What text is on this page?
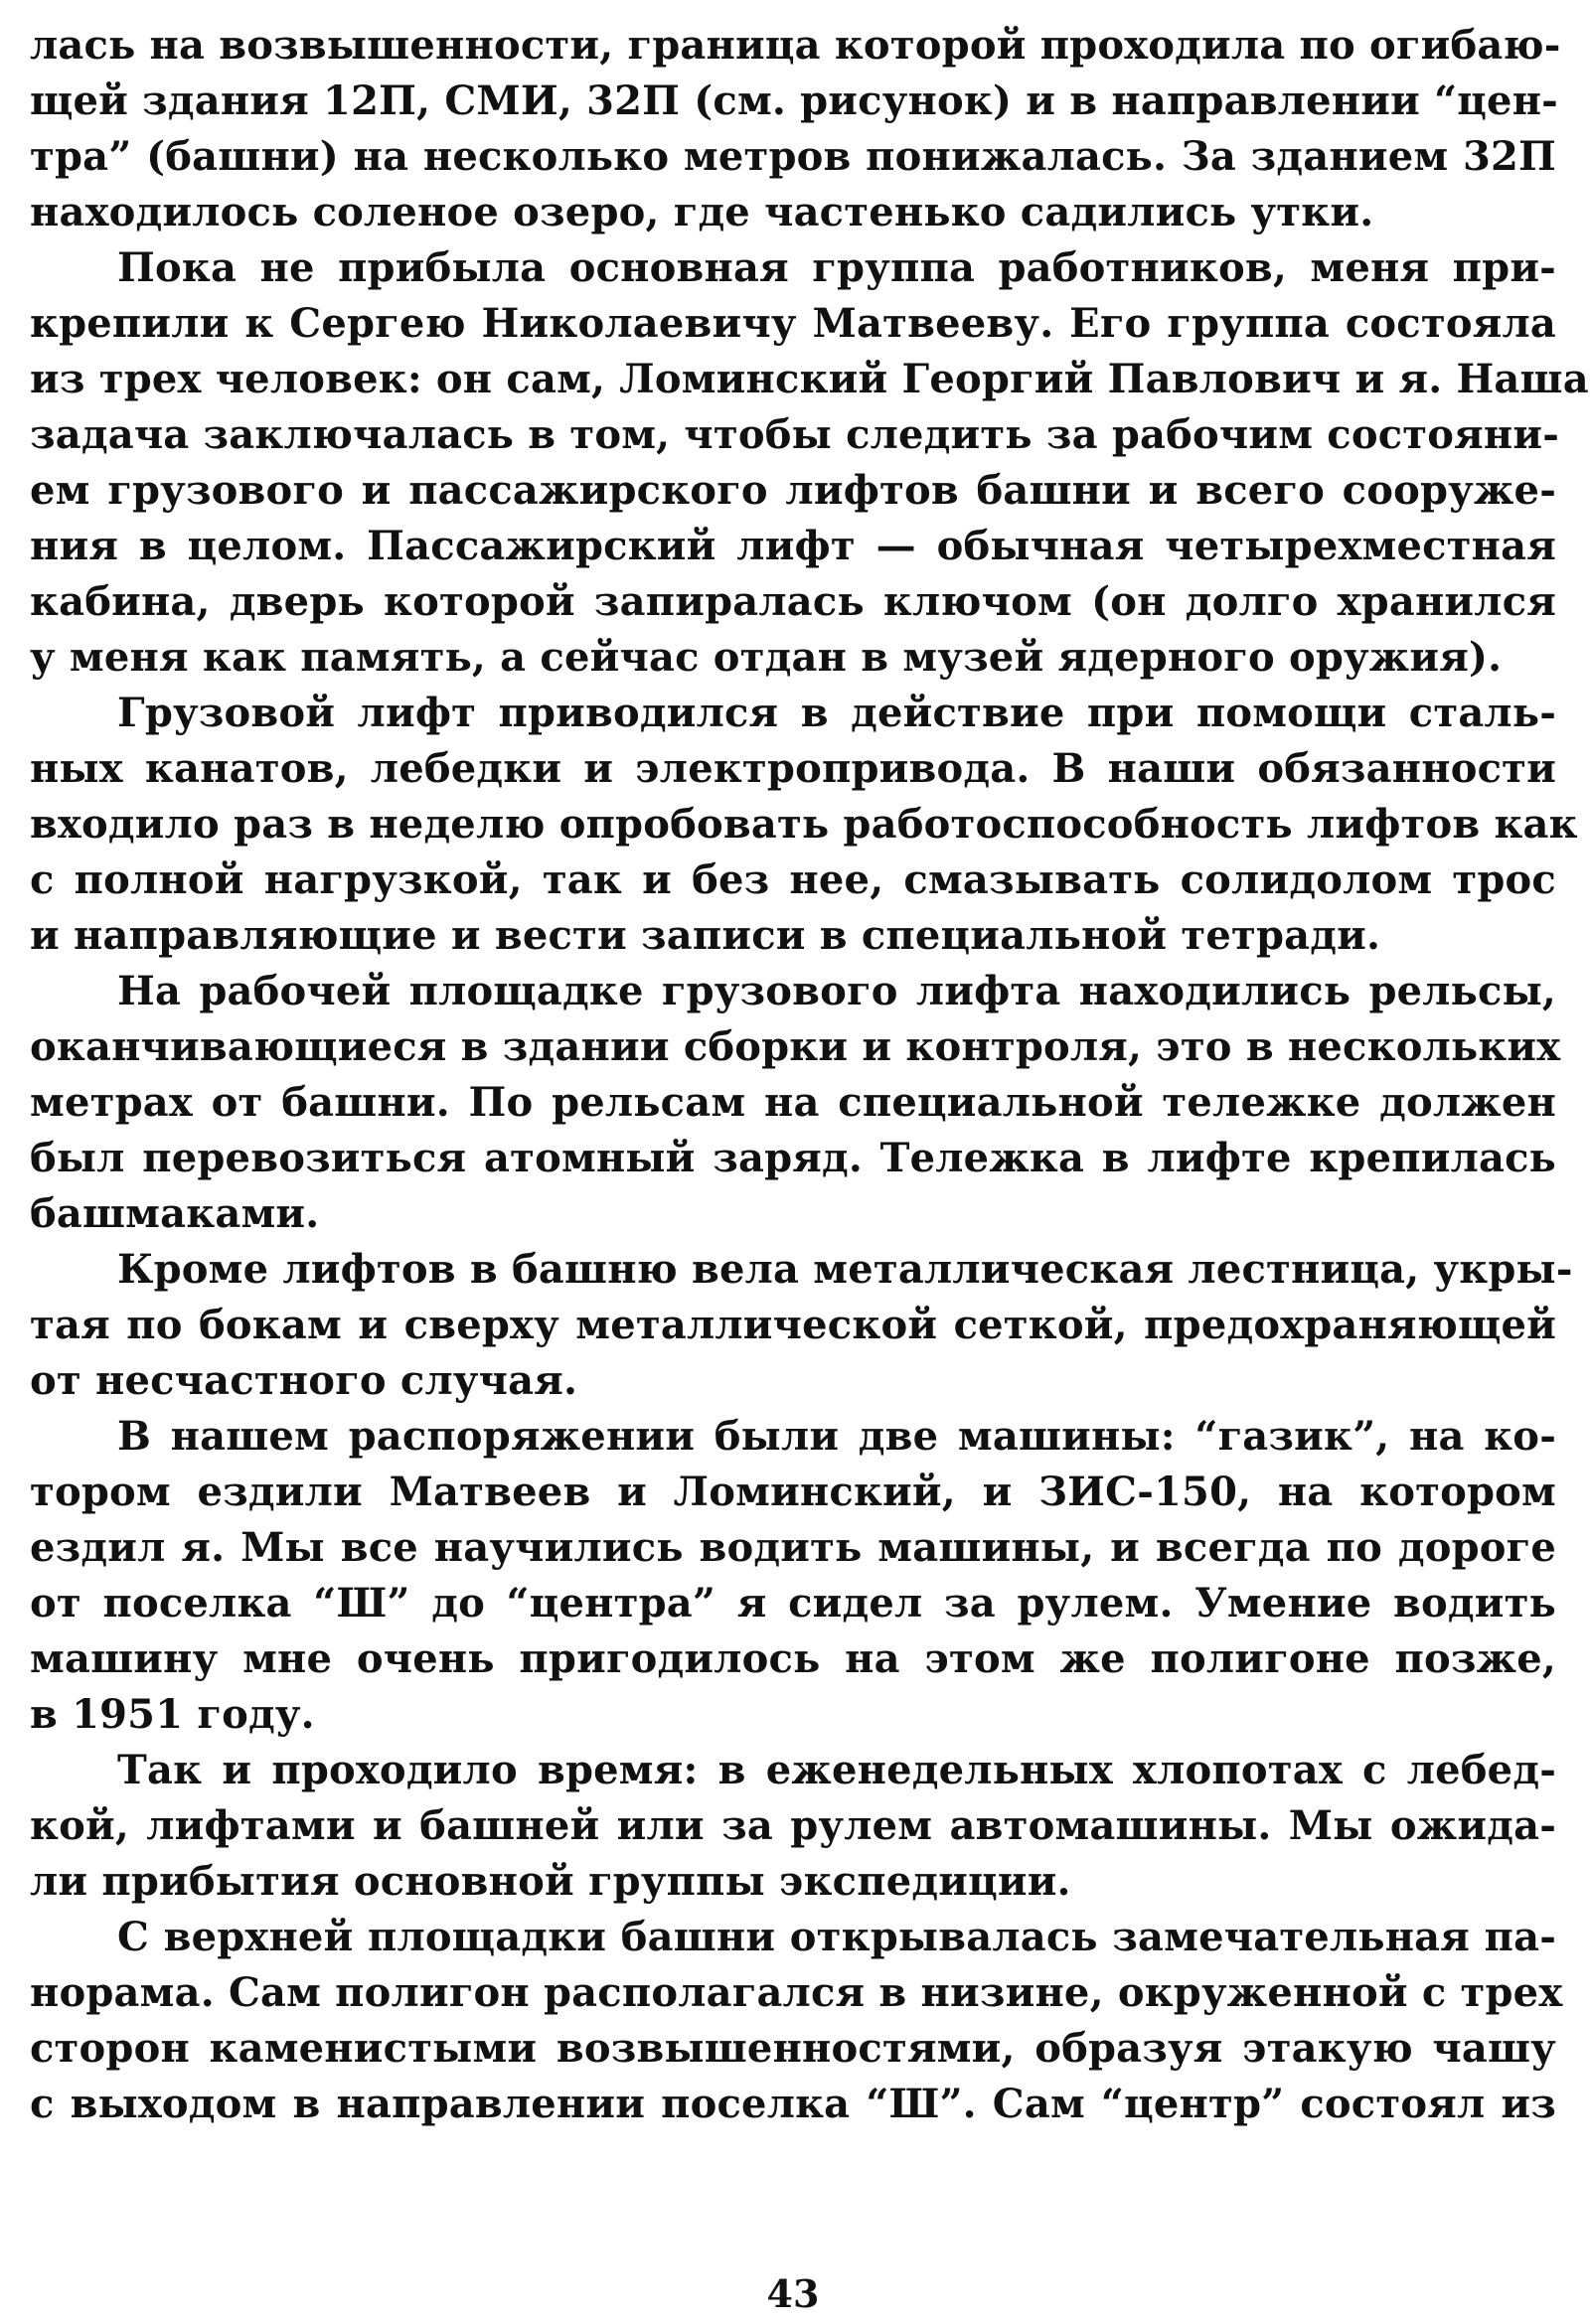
лась на возвышенности, граница которой проходила по огибаю-
щей здания 12П, СМИ, 32П (см. рисунок) и в направлении “цен-
тра” (башни) на несколько метров понижалась. За зданием 32П
находилось соленое озеро, где частенько садились утки.
Пока не прибыла основная группа работников, меня при-
крепили к Сергею Николаевичу Матвееву. Его группа состояла
из трех человек: он сам, Ломинский Георгий Павлович и я. Наша
задача заключалась в том, чтобы следить за рабочим состояни-
ем грузового и пассажирского лифтов башни и всего сооруже-
ния в целом. Пассажирский лифт — обычная четырехместная
кабина, дверь которой запиралась ключом (он долго хранился
у меня как память, а сейчас отдан в музей ядерного оружия).
Грузовой лифт приводился в действие при помощи сталь-
ных канатов, лебедки и электропривода. В наши обязанности
входило раз в неделю опробовать работоспособность лифтов как
с полной нагрузкой, так и без нее, смазывать солидолом трос
и направляющие и вести записи в специальной тетради.
На рабочей площадке грузового лифта находились рельсы,
оканчивающиеся в здании сборки и контроля, это в нескольких
метрах от башни. По рельсам на специальной тележке должен
был перевозиться атомный заряд. Тележка в лифте крепилась
башмаками.
Кроме лифтов в башню вела металлическая лестница, укры-
тая по бокам и сверху металлической сеткой, предохраняющей
от несчастного случая.
В нашем распоряжении были две машины: “газик”, на ко-
тором ездили Матвеев и Ломинский, и ЗИС-150, на котором
ездил я. Мы все научились водить машины, и всегда по дороге
от поселка “Ш” до “центра” я сидел за рулем. Умение водить
машину мне очень пригодилось на этом же полигоне позже,
в 1951 году.
Так и проходило время: в еженедельных хлопотах с лебед-
кой, лифтами и башней или за рулем автомашины. Мы ожида-
ли прибытия основной группы экспедиции.
С верхней площадки башни открывалась замечательная па-
норама. Сам полигон располагался в низине, окруженной с трех
сторон каменистыми возвышенностями, образуя этакую чашу
с выходом в направлении поселка “Ш”. Сам “центр” состоял из
43
